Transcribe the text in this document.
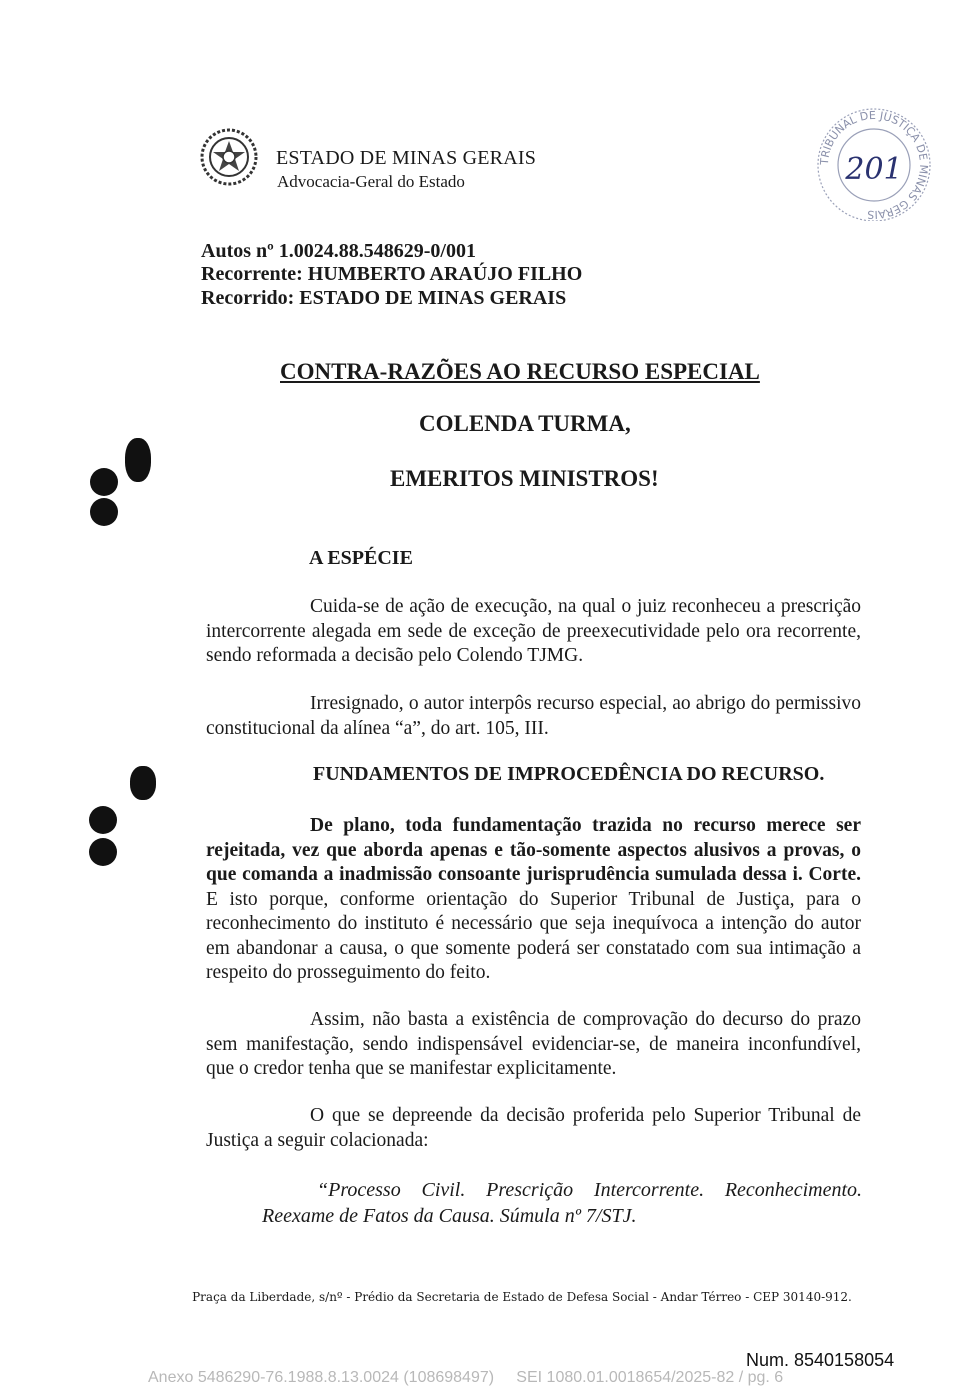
ESTADO DE MINAS GERAIS
Advocacia-Geral do Estado
TRIBUNAL DE JUSTIÇA DE MINAS GERAIS
201
Autos nº 1.0024.88.548629-0/001
Recorrente: HUMBERTO ARAÚJO FILHO
Recorrido: ESTADO DE MINAS GERAIS
CONTRA-RAZÕES AO RECURSO ESPECIAL
COLENDA TURMA,
EMERITOS MINISTROS!
A ESPÉCIE

Cuida-se de ação de execução, na qual o juiz reconheceu a prescrição intercorrente alegada em sede de exceção de preexecutividade pelo ora recorrente, sendo reformada a decisão pelo Colendo TJMG.

Irresignado, o autor interpôs recurso especial, ao abrigo do permissivo constitucional da alínea “a”, do art. 105, III.

FUNDAMENTOS DE IMPROCEDÊNCIA DO RECURSO.

De plano, toda fundamentação trazida no recurso merece ser rejeitada, vez que aborda apenas e tão-somente aspectos alusivos a provas, o que comanda a inadmissão consoante jurisprudência sumulada dessa i. Corte. E isto porque, conforme orientação do Superior Tribunal de Justiça, para o reconhecimento do instituto é necessário que seja inequívoca a intenção do autor em abandonar a causa, o que somente poderá ser constatado com sua intimação a respeito do prosseguimento do feito.

Assim, não basta a existência de comprovação do decurso do prazo sem manifestação, sendo indispensável evidenciar-se, de maneira inconfundível, que o credor tenha que se manifestar explicitamente.

O que se depreende da decisão proferida pelo Superior Tribunal de Justiça a seguir colacionada:

“Processo Civil. Prescrição Intercorrente. Reconhecimento. Reexame de Fatos da Causa. Súmula nº 7/STJ.

Praça da Liberdade, s/nº - Prédio da Secretaria de Estado de Defesa Social - Andar Térreo - CEP 30140-912.
Num. 8540158054
Anexo 5486290-76.1988.8.13.0024 (108698497)     SEI 1080.01.0018654/2025-82 / pg. 6
